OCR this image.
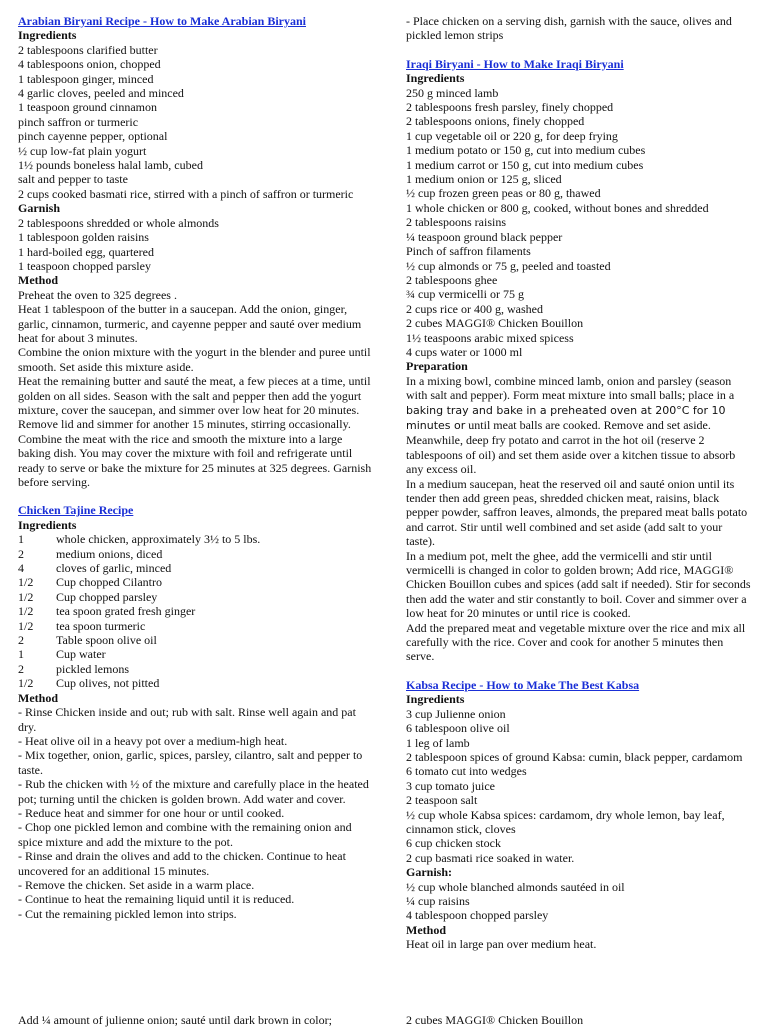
Arabian Biryani Recipe - How to Make Arabian Biryani
Ingredients
2 tablespoons clarified butter
4 tablespoons onion, chopped
1 tablespoon ginger, minced
4 garlic cloves, peeled and minced
1 teaspoon ground cinnamon
pinch saffron or turmeric
pinch cayenne pepper, optional
½ cup low-fat plain yogurt
1½ pounds boneless halal lamb, cubed
salt and pepper to taste
2 cups cooked basmati rice, stirred with a pinch of saffron or turmeric
Garnish
2 tablespoons shredded or whole almonds
1 tablespoon golden raisins
1 hard-boiled egg, quartered
1 teaspoon chopped parsley
Method
Preheat the oven to 325 degrees .
Heat 1 tablespoon of the butter in a saucepan. Add the onion, ginger, garlic, cinnamon, turmeric, and cayenne pepper and sauté over medium heat for about 3 minutes.
Combine the onion mixture with the yogurt in the blender and puree until smooth. Set aside this mixture aside.
Heat the remaining butter and sauté the meat, a few pieces at a time, until golden on all sides. Season with the salt and pepper then add the yogurt mixture, cover the saucepan, and simmer over low heat for 20 minutes. Remove lid and simmer for another 15 minutes, stirring occasionally.
Combine the meat with the rice and smooth the mixture into a large baking dish. You may cover the mixture with foil and refrigerate until ready to serve or bake the mixture for 25 minutes at 325 degrees. Garnish before serving.
Chicken Tajine Recipe
Ingredients
1	whole chicken, approximately 3½ to 5 lbs.
2	medium onions, diced
4	cloves of garlic, minced
1/2	Cup chopped Cilantro
1/2	Cup chopped parsley
1/2	tea spoon grated fresh ginger
1/2	tea spoon turmeric
2	Table spoon olive oil
1	Cup water
2	pickled lemons
1/2	Cup olives, not pitted
Method
- Rinse Chicken inside and out; rub with salt. Rinse well again and pat dry.
- Heat olive oil in a heavy pot over a medium-high heat.
- Mix together, onion, garlic, spices, parsley, cilantro, salt and pepper to taste.
- Rub the chicken with ½ of the mixture and carefully place in the heated pot; turning until the chicken is golden brown. Add water and cover.
- Reduce heat and simmer for one hour or until cooked.
- Chop one pickled lemon and combine with the remaining onion and spice mixture and add the mixture to the pot.
- Rinse and drain the olives and add to the chicken. Continue to heat uncovered for an additional 15 minutes.
- Remove the chicken. Set aside in a warm place.
- Continue to heat the remaining liquid until it is reduced.
- Cut the remaining pickled lemon into strips.
- Place chicken on a serving dish, garnish with the sauce, olives and pickled lemon strips
Iraqi Biryani - How to Make Iraqi Biryani
Ingredients
250 g minced lamb
2 tablespoons fresh parsley, finely chopped
2 tablespoons onions, finely chopped
1 cup vegetable oil or 220 g, for deep frying
1 medium potato or 150 g, cut into medium cubes
1 medium carrot or 150 g, cut into medium cubes
1 medium onion or 125 g, sliced
½ cup frozen green peas or 80 g, thawed
1 whole chicken or 800 g, cooked, without bones and shredded
2 tablespoons raisins
¼ teaspoon ground black pepper
Pinch of saffron filaments
½ cup almonds or 75 g, peeled and toasted
2 tablespoons ghee
¾ cup vermicelli or 75 g
2 cups rice or 400 g, washed
2 cubes MAGGI® Chicken Bouillon
1½ teaspoons arabic mixed spicess
4 cups water or 1000 ml
Preparation
In a mixing bowl, combine minced lamb, onion and parsley (season with salt and pepper). Form meat mixture into small balls; place in a baking tray and bake in a preheated oven at 200°C for 10 minutes or until meat balls are cooked. Remove and set aside.
Meanwhile, deep fry potato and carrot in the hot oil (reserve 2 tablespoons of oil) and set them aside over a kitchen tissue to absorb any excess oil.
In a medium saucepan, heat the reserved oil and sauté onion until its tender then add green peas, shredded chicken meat, raisins, black pepper powder, saffron leaves, almonds, the prepared meat balls potato and carrot. Stir until well combined and set aside (add salt to your taste).
In a medium pot, melt the ghee, add the vermicelli and stir until vermicelli is changed in color to golden brown; Add rice, MAGGI® Chicken Bouillon cubes and spices (add salt if needed). Stir for seconds then add the water and stir constantly to boil. Cover and simmer over a low heat for 20 minutes or until rice is cooked.
Add the prepared meat and vegetable mixture over the rice and mix all carefully with the rice. Cover and cook for another 5 minutes then serve.
Kabsa Recipe - How to Make The Best Kabsa
Ingredients
3 cup Julienne onion
6 tablespoon olive oil
1 leg of lamb
2 tablespoon spices of ground Kabsa: cumin, black pepper, cardamom
6 tomato cut into wedges
3 cup tomato juice
2 teaspoon salt
½ cup whole Kabsa spices: cardamom, dry whole lemon, bay leaf, cinnamon stick, cloves
6 cup chicken stock
2 cup basmati rice soaked in water.
Garnish:
½ cup whole blanched almonds sautéed in oil
¼ cup raisins
4 tablespoon chopped parsley
Method
Heat oil in large pan over medium heat.
Add ¼ amount of julienne onion; sauté until dark brown in color;	2 cubes MAGGI® Chicken Bouillon
